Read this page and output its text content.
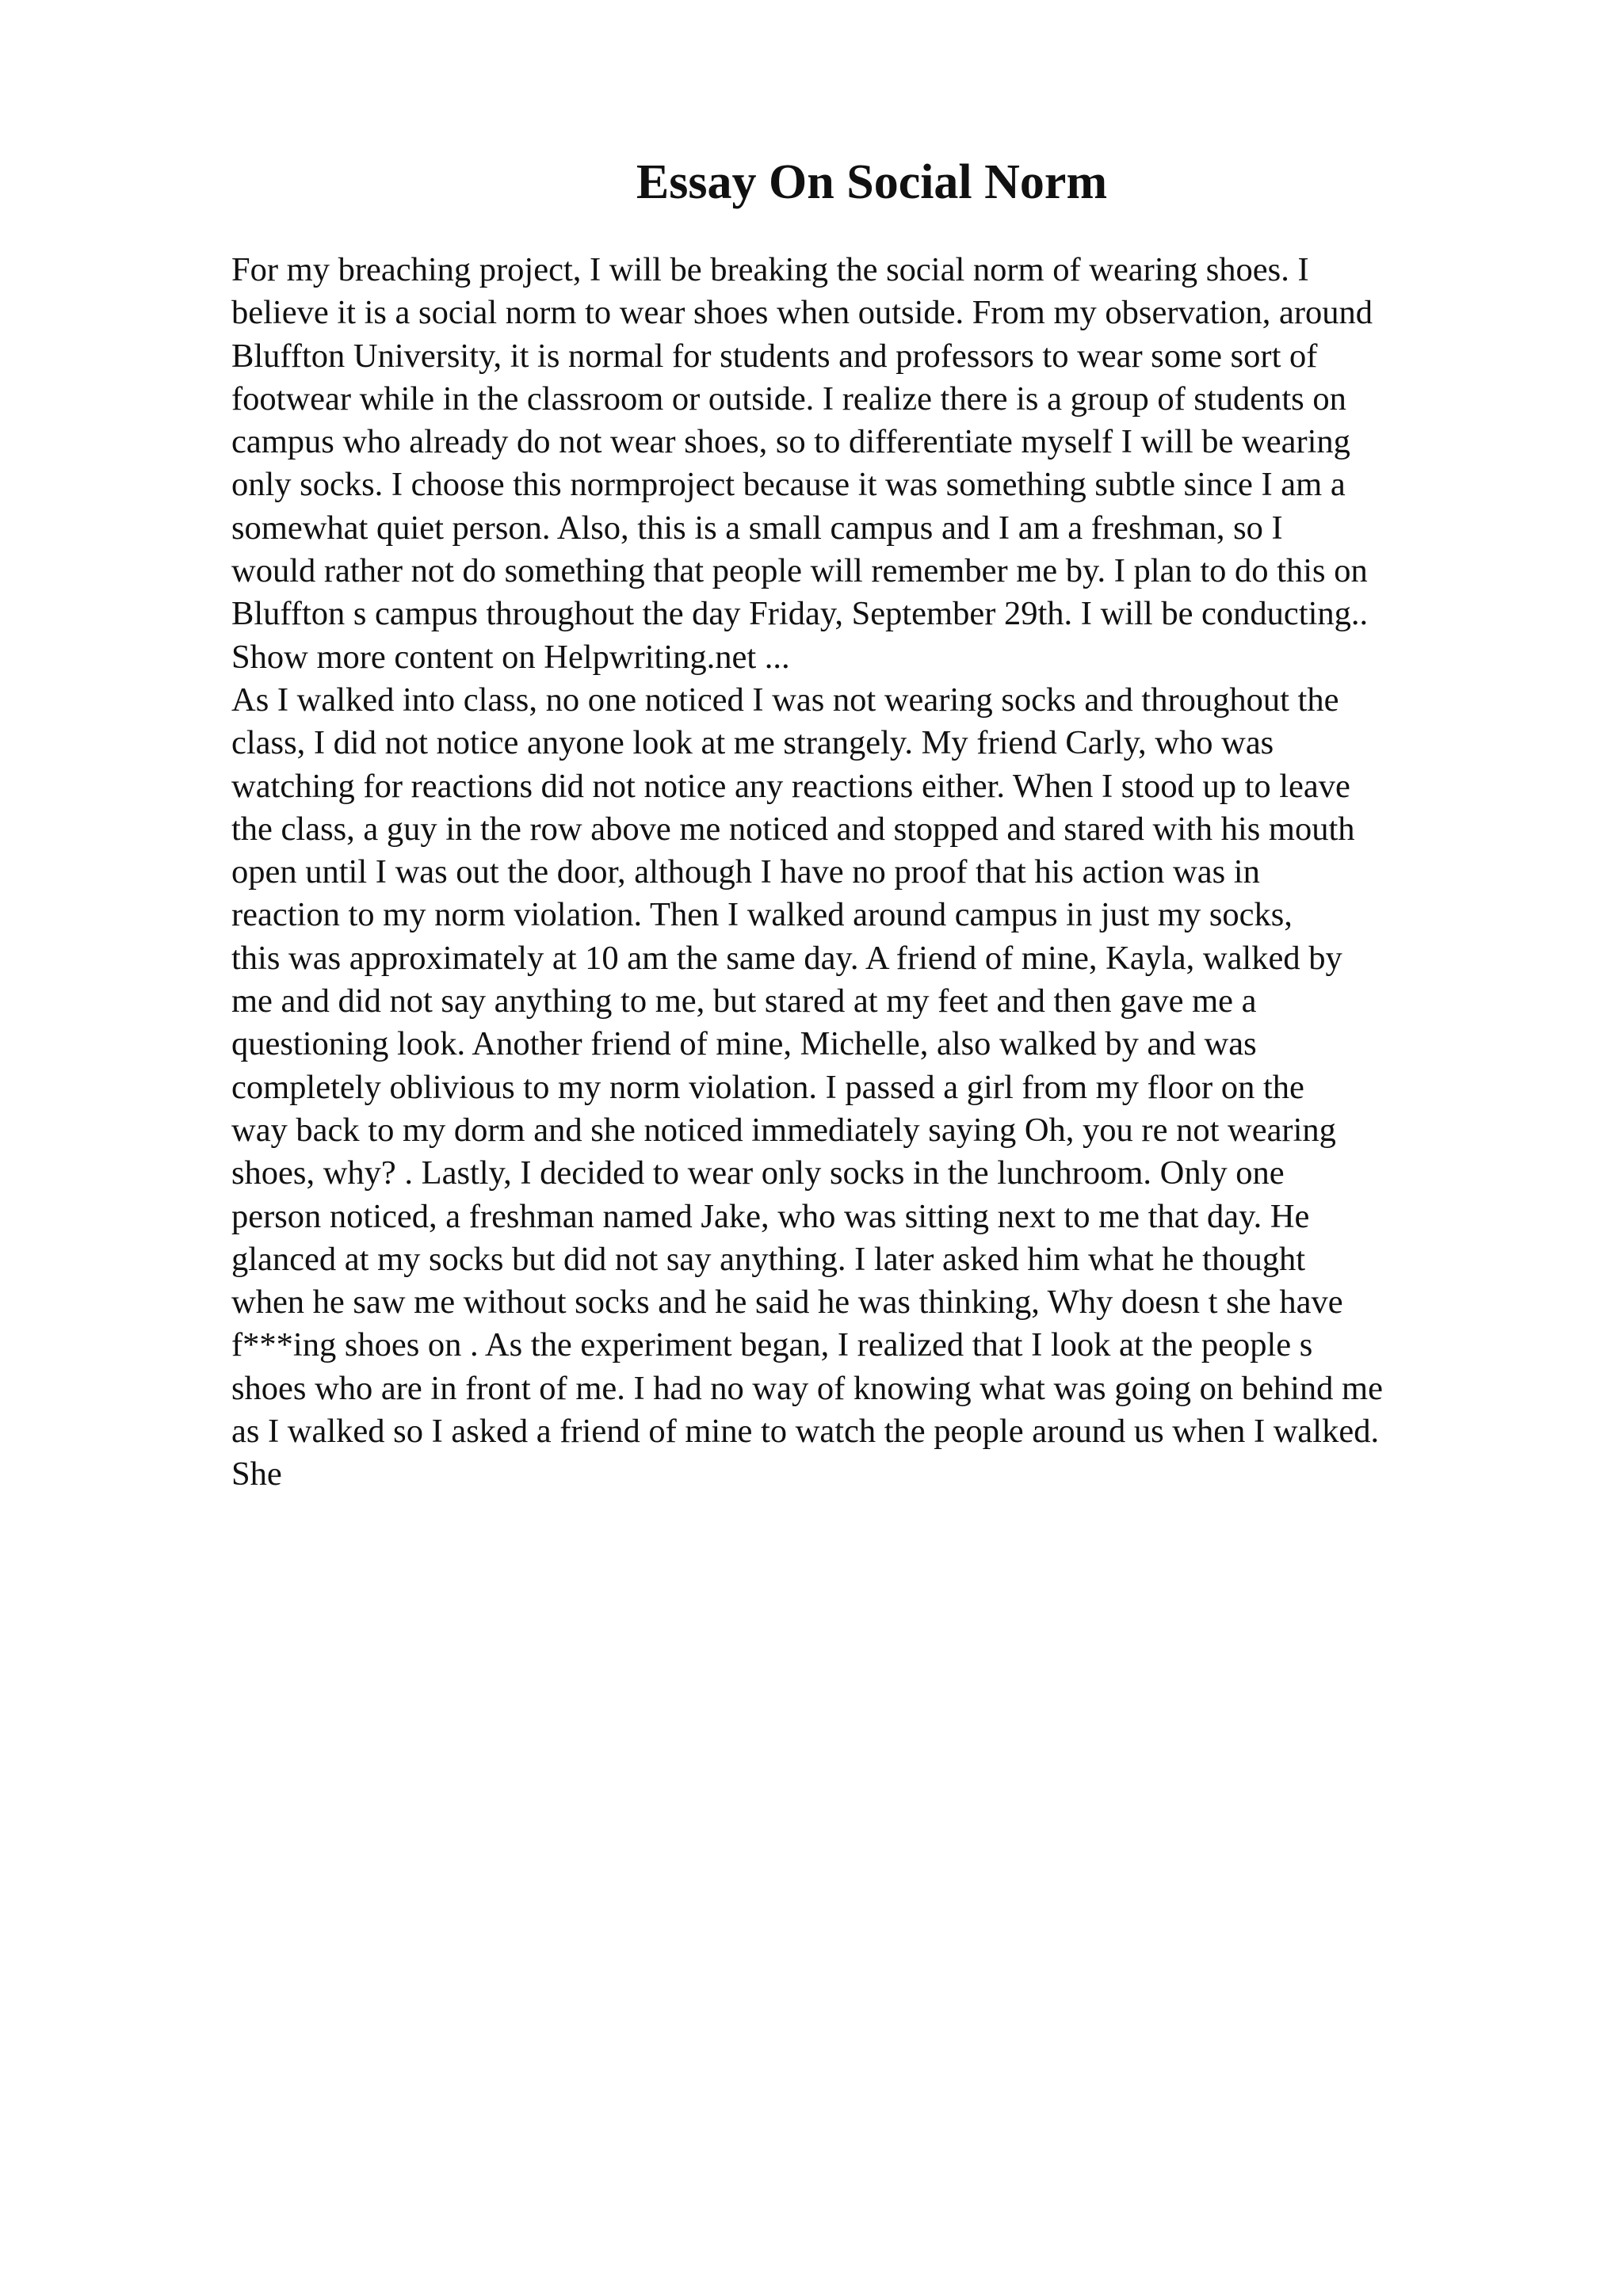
Essay On Social Norm
For my breaching project, I will be breaking the social norm of wearing shoes. I
believe it is a social norm to wear shoes when outside. From my observation, around
Bluffton University, it is normal for students and professors to wear some sort of
footwear while in the classroom or outside. I realize there is a group of students on
campus who already do not wear shoes, so to differentiate myself I will be wearing
only socks. I choose this normproject because it was something subtle since I am a
somewhat quiet person. Also, this is a small campus and I am a freshman, so I
would rather not do something that people will remember me by. I plan to do this on
Bluffton s campus throughout the day Friday, September 29th. I will be conducting..
Show more content on Helpwriting.net ...
As I walked into class, no one noticed I was not wearing socks and throughout the
class, I did not notice anyone look at me strangely. My friend Carly, who was
watching for reactions did not notice any reactions either. When I stood up to leave
the class, a guy in the row above me noticed and stopped and stared with his mouth
open until I was out the door, although I have no proof that his action was in
reaction to my norm violation. Then I walked around campus in just my socks,
this was approximately at 10 am the same day. A friend of mine, Kayla, walked by
me and did not say anything to me, but stared at my feet and then gave me a
questioning look. Another friend of mine, Michelle, also walked by and was
completely oblivious to my norm violation. I passed a girl from my floor on the
way back to my dorm and she noticed immediately saying Oh, you re not wearing
shoes, why? . Lastly, I decided to wear only socks in the lunchroom. Only one
person noticed, a freshman named Jake, who was sitting next to me that day. He
glanced at my socks but did not say anything. I later asked him what he thought
when he saw me without socks and he said he was thinking, Why doesn t she have
f***ing shoes on . As the experiment began, I realized that I look at the people s
shoes who are in front of me. I had no way of knowing what was going on behind me
as I walked so I asked a friend of mine to watch the people around us when I walked.
She
